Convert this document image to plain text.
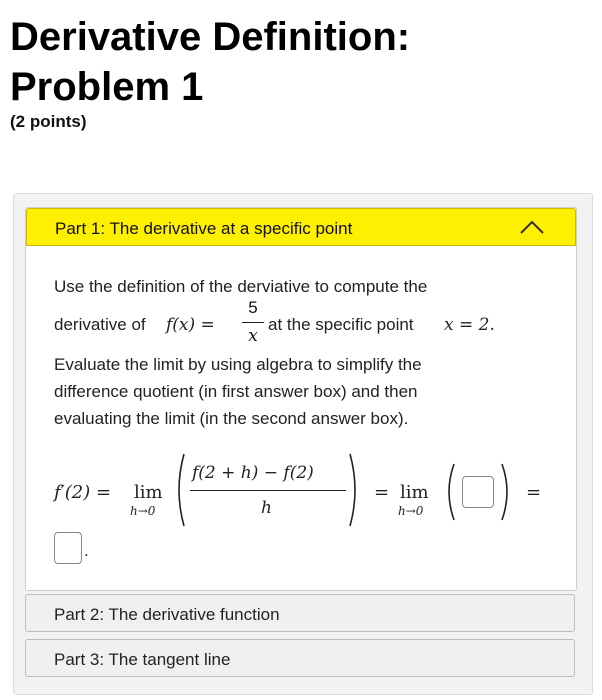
Derivative Definition:
Problem 1
(2 points)
Part 1: The derivative at a specific point
Use the definition of the derviative to compute the
derivative of f(x) =
5
x
at the specific point x = 2.
Evaluate the limit by using algebra to simplify the
difference quotient (in first answer box) and then
evaluating the limit (in the second answer box).
f′(2) = lim
h→0
f(2 + h) − f(2)
h
= lim
h→0
=
.
Part 2: The derivative function
Part 3: The tangent line
